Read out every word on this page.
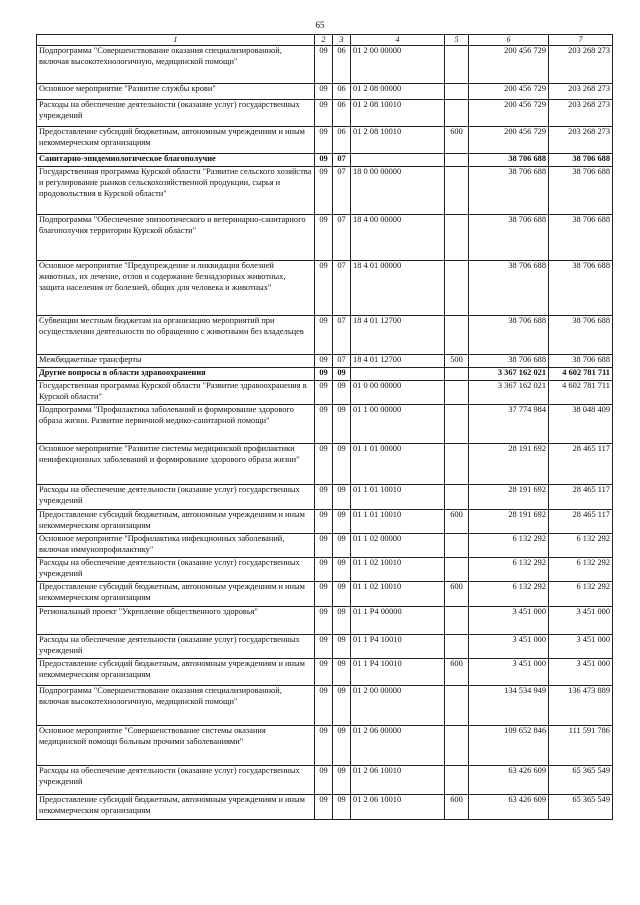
65
1	2	3	4	5	6	7
Подпрограмма "Совершенствование оказания специализированной, включая высокотехнологичную, медицинской помощи"	09	06	01 2 00 00000		200 456 729	203 268 273
Основное мероприятие "Развитие службы крови"	09	06	01 2 08 00000		200 456 729	203 268 273
Расходы на обеспечение деятельности (оказание услуг) государственных учреждений	09	06	01 2 08 10010		200 456 729	203 268 273
Предоставление субсидий бюджетным, автономным учреждениям и иным некоммерческим организациям	09	06	01 2 08 10010	600	200 456 729	203 268 273
Санитарно-эпидемиологическое благополучие	09	07			38 706 688	38 706 688
Государственная программа Курской области "Развитие сельского хозяйства и регулирование рынков сельскохозяйственной продукции, сырья и продовольствия в Курской области"	09	07	18 0 00 00000		38 706 688	38 706 688
Подпрограмма "Обеспечение эпизоотического и ветеринарно-санитарного благополучия территории Курской области"	09	07	18 4 00 00000		38 706 688	38 706 688
Основное мероприятие "Предупреждение и ликвидация болезней животных, их лечение, отлов и содержание безнадзорных животных, защита населения от болезней, общих для человека и животных"	09	07	18 4 01 00000		38 706 688	38 706 688
Субвенции местным бюджетам на организацию мероприятий при осуществлении деятельности по обращению с животными без владельцев	09	07	18 4 01 12700		38 706 688	38 706 688
Межбюджетные трансферты	09	07	18 4 01 12700	500	38 706 688	38 706 688
Другие вопросы в области здравоохранения	09	09			3 367 162 021	4 602 781 711
Государственная программа Курской области "Развитие здравоохранения в Курской области"	09	09	01 0 00 00000		3 367 162 021	4 602 781 711
Подпрограмма "Профилактика заболеваний и формирование здорового образа жизни. Развитие первичной медико-санитарной помощи"	09	09	01 1 00 00000		37 774 984	38 048 409
Основное мероприятие "Развитие системы медицинской профилактики неинфекционных заболеваний и формирование здорового образа жизни"	09	09	01 1 01 00000		28 191 692	28 465 117
Расходы на обеспечение деятельности (оказание услуг) государственных учреждений	09	09	01 1 01 10010		28 191 692	28 465 117
Предоставление субсидий бюджетным, автономным учреждениям и иным некоммерческим организациям	09	09	01 1 01 10010	600	28 191 692	28 465 117
Основное мероприятие "Профилактика инфекционных заболеваний, включая иммунопрофилактику"	09	09	01 1 02 00000		6 132 292	6 132 292
Расходы на обеспечение деятельности (оказание услуг) государственных учреждений	09	09	01 1 02 10010		6 132 292	6 132 292
Предоставление субсидий бюджетным, автономным учреждениям и иным некоммерческим организациям	09	09	01 1 02 10010	600	6 132 292	6 132 292
Региональный проект "Укрепление общественного здоровья"	09	09	01 1 P4 00000		3 451 000	3 451 000
Расходы на обеспечение деятельности (оказание услуг) государственных учреждений	09	09	01 1 P4 10010		3 451 000	3 451 000
Предоставление субсидий бюджетным, автономным учреждениям и иным некоммерческим организациям	09	09	01 1 P4 10010	600	3 451 000	3 451 000
Подпрограмма "Совершенствование оказания специализированной, включая высокотехнологичную, медицинской помощи"	09	09	01 2 00 00000		134 534 949	136 473 889
Основное мероприятие "Совершенствование системы оказания медицинской помощи больным прочими заболеваниями"	09	09	01 2 06 00000		109 652 846	111 591 786
Расходы на обеспечение деятельности (оказание услуг) государственных учреждений	09	09	01 2 06 10010		63 426 609	65 365 549
Предоставление субсидий бюджетным, автономным учреждениям и иным некоммерческим организациям	09	09	01 2 06 10010	600	63 426 609	65 365 549
